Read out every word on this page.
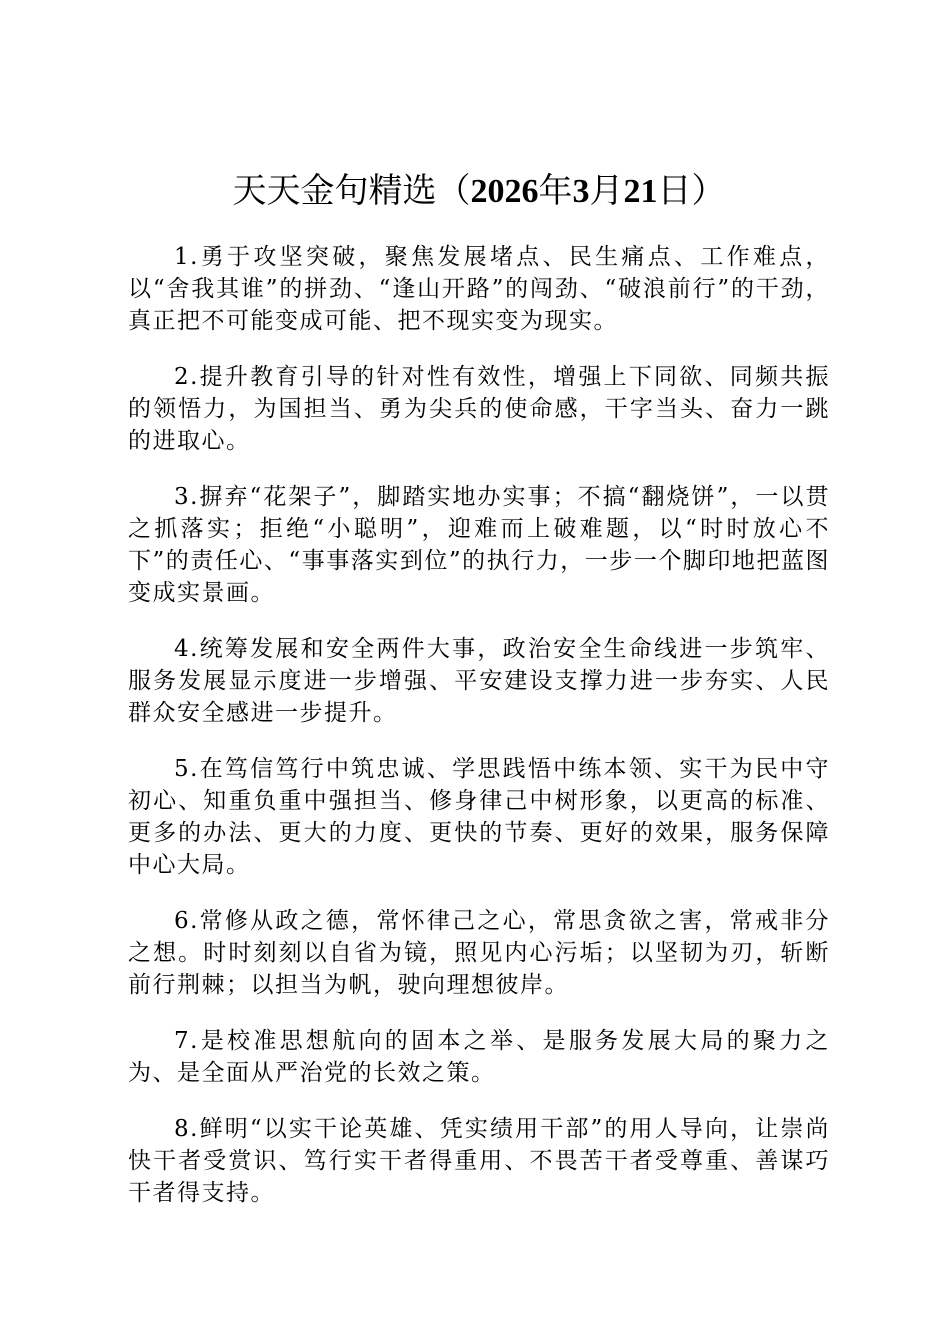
天天金句精选（2026年3月21日）

1.勇于攻坚突破，聚焦发展堵点、民生痛点、工作难点，以“舍我其谁”的拼劲、“逢山开路”的闯劲、“破浪前行”的干劲，真正把不可能变成可能、把不现实变为现实。

2.提升教育引导的针对性有效性，增强上下同欲、同频共振的领悟力，为国担当、勇为尖兵的使命感，干字当头、奋力一跳的进取心。

3.摒弃“花架子”，脚踏实地办实事；不搞“翻烧饼”，一以贯之抓落实；拒绝“小聪明”，迎难而上破难题，以“时时放心不下”的责任心、“事事落实到位”的执行力，一步一个脚印地把蓝图变成实景画。

4.统筹发展和安全两件大事，政治安全生命线进一步筑牢、服务发展显示度进一步增强、平安建设支撑力进一步夯实、人民群众安全感进一步提升。

5.在笃信笃行中筑忠诚、学思践悟中练本领、实干为民中守初心、知重负重中强担当、修身律己中树形象，以更高的标准、更多的办法、更大的力度、更快的节奏、更好的效果，服务保障中心大局。

6.常修从政之德，常怀律己之心，常思贪欲之害，常戒非分之想。时时刻刻以自省为镜，照见内心污垢；以坚韧为刃，斩断前行荆棘；以担当为帆，驶向理想彼岸。

7.是校准思想航向的固本之举、是服务发展大局的聚力之为、是全面从严治党的长效之策。

8.鲜明“以实干论英雄、凭实绩用干部”的用人导向，让崇尚快干者受赏识、笃行实干者得重用、不畏苦干者受尊重、善谋巧干者得支持。
